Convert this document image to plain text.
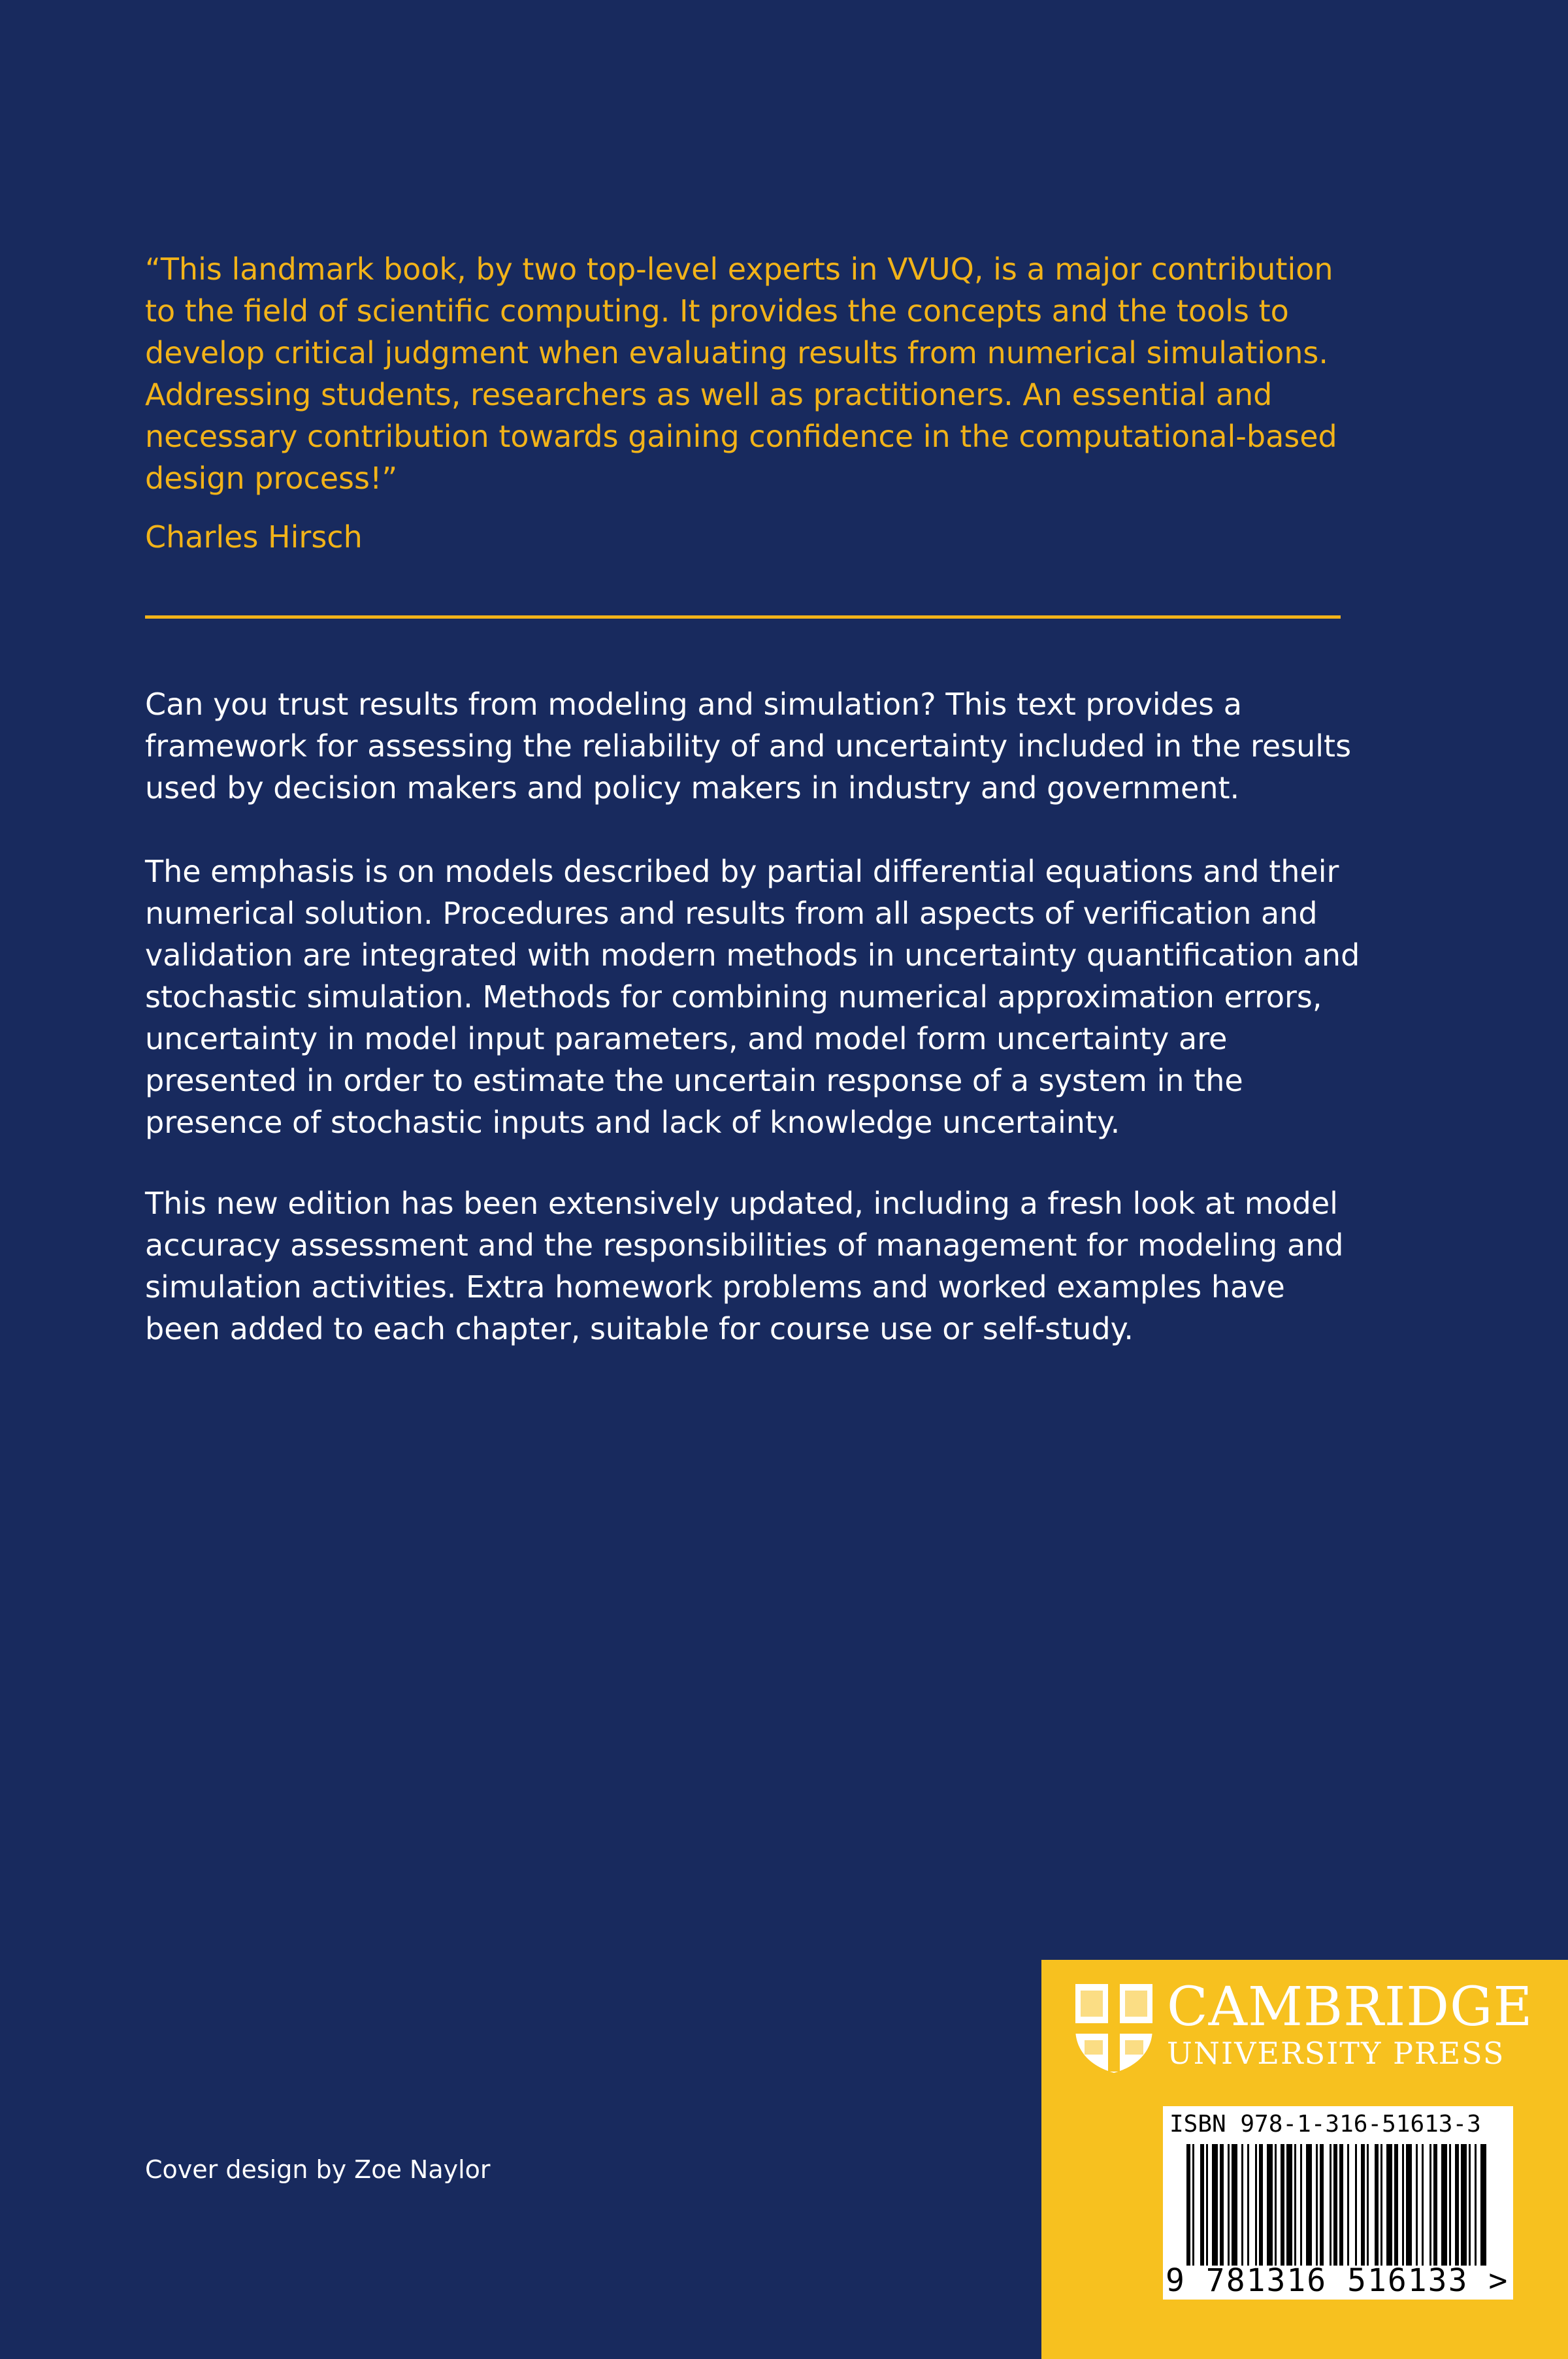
“This landmark book, by two top-level experts in VVUQ, is a major contribution to the field of scientific computing. It provides the concepts and the tools to develop critical judgment when evaluating results from numerical simulations. Addressing students, researchers as well as practitioners. An essential and necessary contribution towards gaining confidence in the computational-based design process!”

Charles Hirsch

Can you trust results from modeling and simulation? This text provides a framework for assessing the reliability of and uncertainty included in the results used by decision makers and policy makers in industry and government.

The emphasis is on models described by partial differential equations and their numerical solution. Procedures and results from all aspects of verification and validation are integrated with modern methods in uncertainty quantification and stochastic simulation. Methods for combining numerical approximation errors, uncertainty in model input parameters, and model form uncertainty are presented in order to estimate the uncertain response of a system in the presence of stochastic inputs and lack of knowledge uncertainty.

This new edition has been extensively updated, including a fresh look at model accuracy assessment and the responsibilities of management for modeling and simulation activities. Extra homework problems and worked examples have been added to each chapter, suitable for course use or self-study.

Cover design by Zoe Naylor
CAMBRIDGE
UNIVERSITY PRESS
ISBN 978-1-316-51613-3
9 781316 516133 >
